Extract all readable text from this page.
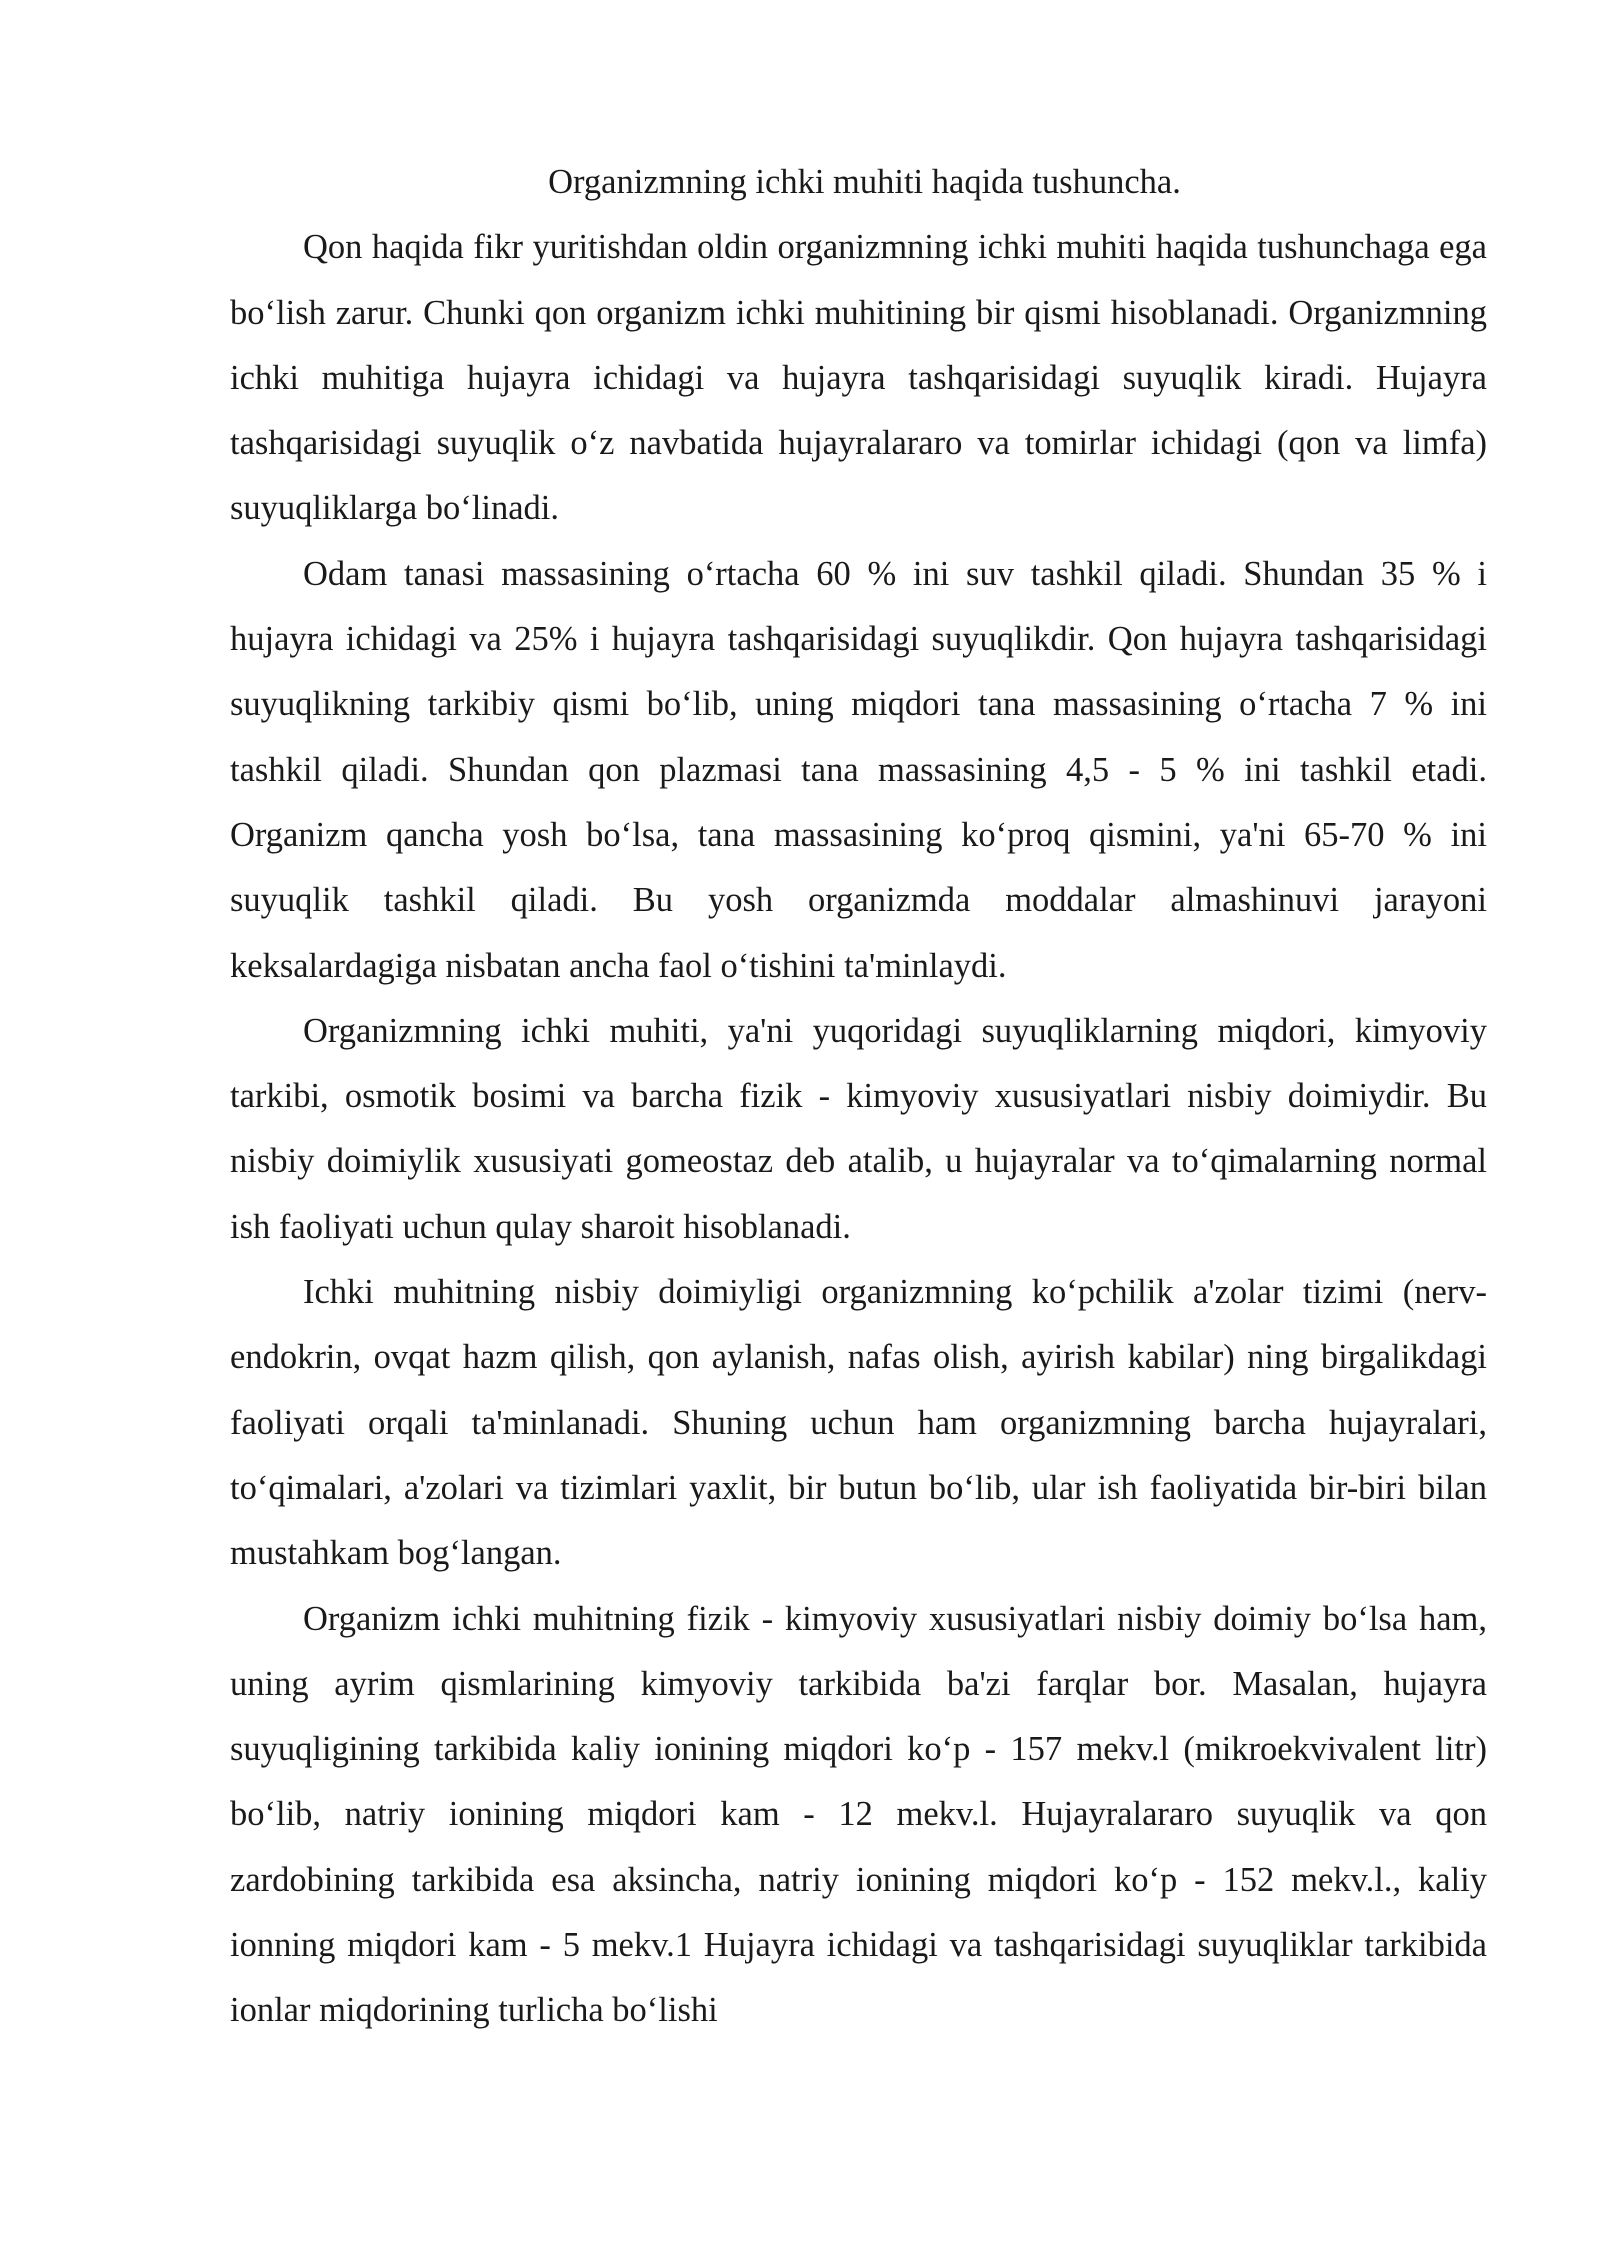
Organizmning ichki muhiti haqida tushuncha.

Qon haqida fikr yuritishdan oldin organizmning ichki muhiti haqida tushunchaga ega bo‘lish zarur. Chunki qon organizm ichki muhitining bir qismi hisoblanadi. Organizmning ichki muhitiga hujayra ichidagi va hujayra tashqarisidagi suyuqlik kiradi. Hujayra tashqarisidagi suyuqlik o‘z navbatida hujayralararo va tomirlar ichidagi (qon va limfa) suyuqliklarga bo‘linadi.

Odam tanasi massasining o‘rtacha 60 % ini suv tashkil qiladi. Shundan 35 % i hujayra ichidagi va 25% i hujayra tashqarisidagi suyuqlikdir. Qon hujayra tashqarisidagi suyuqlikning tarkibiy qismi bo‘lib, uning miqdori tana massasining o‘rtacha 7 % ini tashkil qiladi. Shundan qon plazmasi tana massasining 4,5 - 5 % ini tashkil etadi. Organizm qancha yosh bo‘lsa, tana massasining ko‘proq qismini, ya'ni 65-70 % ini suyuqlik tashkil qiladi. Bu yosh organizmda moddalar almashinuvi jarayoni keksalardagiga nisbatan ancha faol o‘tishini ta'minlaydi.

Organizmning ichki muhiti, ya'ni yuqoridagi suyuqliklarning miqdori, kimyoviy tarkibi, osmotik bosimi va barcha fizik - kimyoviy xususiyatlari nisbiy doimiydir. Bu nisbiy doimiylik xususiyati gomeostaz deb atalib, u hujayralar va to‘qimalarning normal ish faoliyati uchun qulay sharoit hisoblanadi.

Ichki muhitning nisbiy doimiyligi organizmning ko‘pchilik a'zolar tizimi (nerv-endokrin, ovqat hazm qilish, qon aylanish, nafas olish, ayirish kabilar) ning birgalikdagi faoliyati orqali ta'minlanadi. Shuning uchun ham organizmning barcha hujayralari, to‘qimalari, a'zolari va tizimlari yaxlit, bir butun bo‘lib, ular ish faoliyatida bir-biri bilan mustahkam bog‘langan.

Organizm ichki muhitning fizik - kimyoviy xususiyatlari nisbiy doimiy bo‘lsa ham, uning ayrim qismlarining kimyoviy tarkibida ba'zi farqlar bor. Masalan, hujayra suyuqligining tarkibida kaliy ionining miqdori ko‘p - 157 mekv.l (mikroekvivalent litr) bo‘lib, natriy ionining miqdori kam - 12 mekv.l. Hujayralararo suyuqlik va qon zardobining tarkibida esa aksincha, natriy ionining miqdori ko‘p - 152 mekv.l., kaliy ionning miqdori kam - 5 mekv.1 Hujayra ichidagi va tashqarisidagi suyuqliklar tarkibida ionlar miqdorining turlicha bo‘lishi
